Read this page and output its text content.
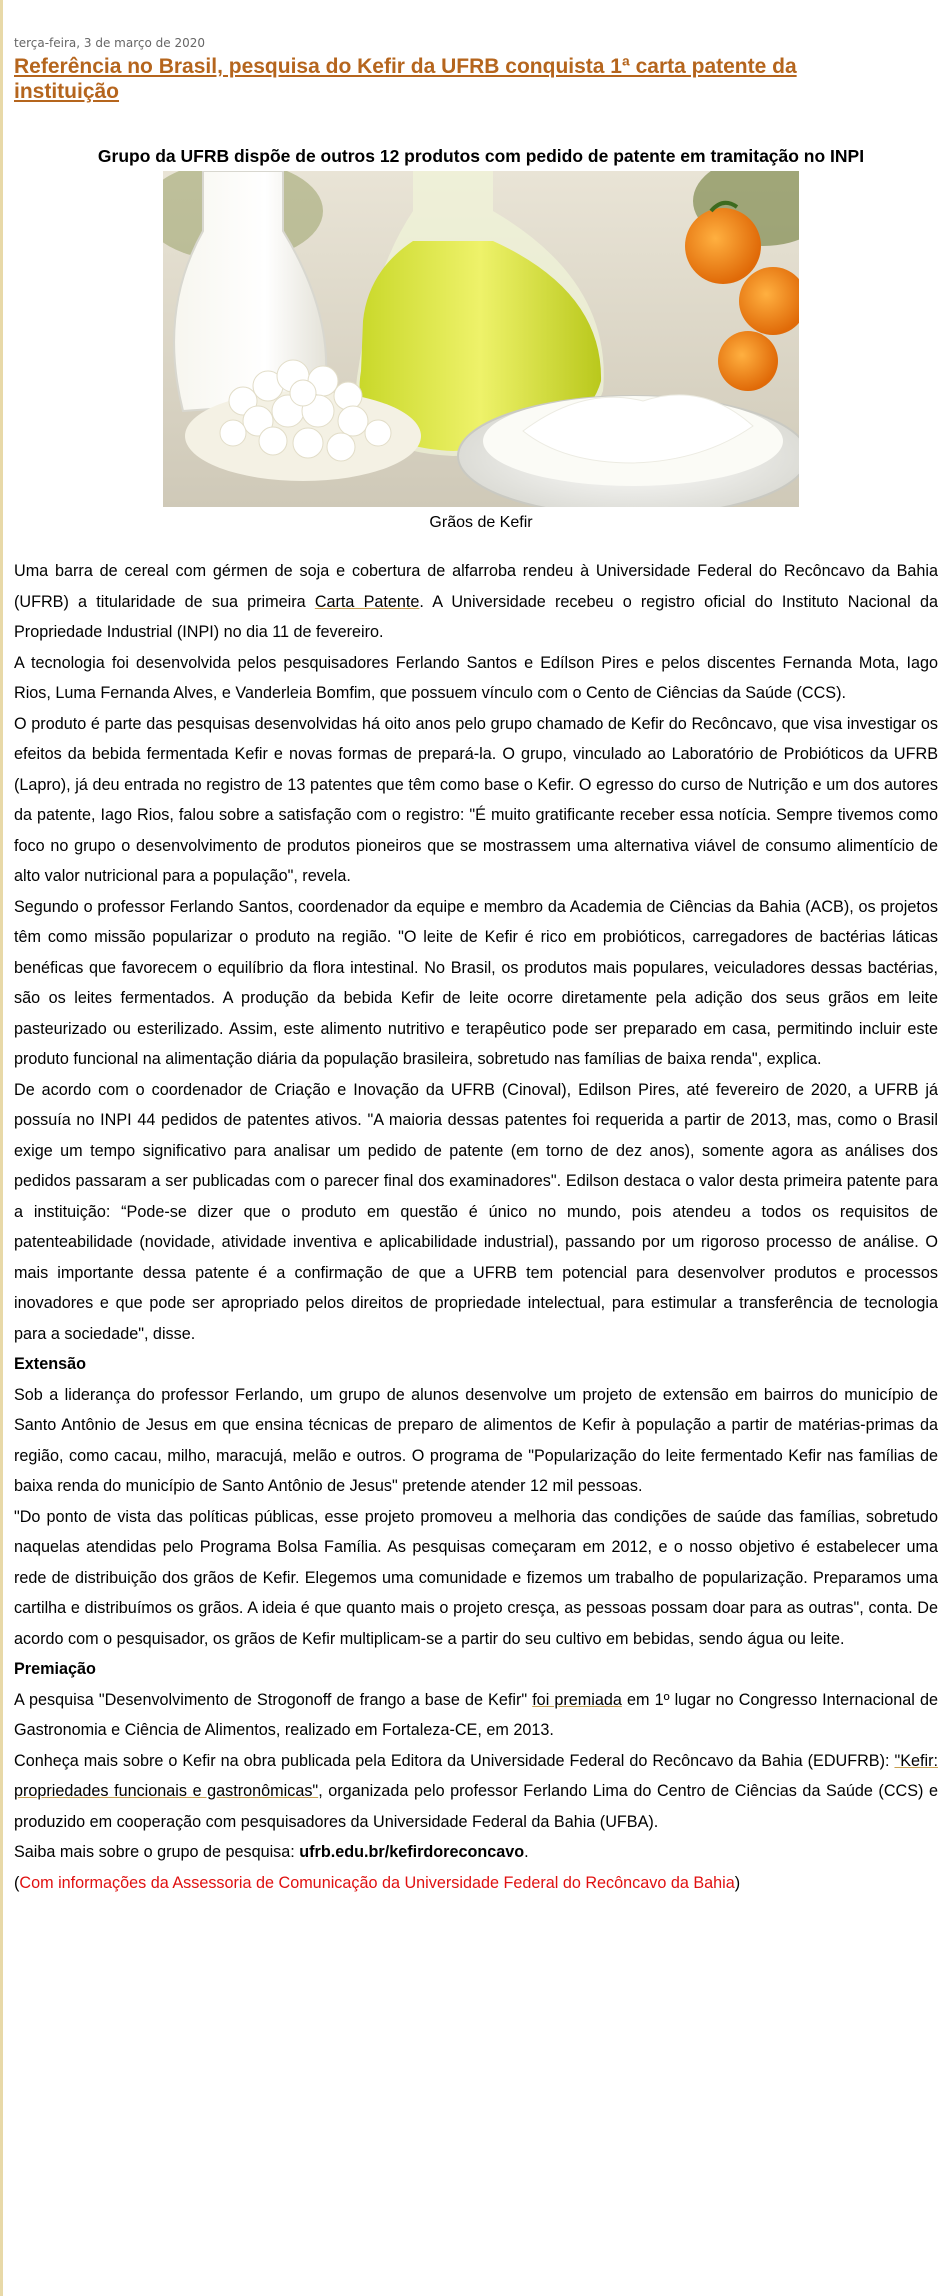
terça-feira, 3 de março de 2020
Referência no Brasil, pesquisa do Kefir da UFRB conquista 1ª carta patente da
instituição
Grupo da UFRB dispõe de outros 12 produtos com pedido de patente em tramitação no INPI
Grãos de Kefir

Uma barra de cereal com gérmen de soja e cobertura de alfarroba rendeu à Universidade Federal do Recôncavo da Bahia (UFRB) a titularidade de sua primeira Carta Patente. A Universidade recebeu o registro oficial do Instituto Nacional da Propriedade Industrial (INPI) no dia 11 de fevereiro.

A tecnologia foi desenvolvida pelos pesquisadores Ferlando Santos e Edílson Pires e pelos discentes Fernanda Mota, Iago Rios, Luma Fernanda Alves, e Vanderleia Bomfim, que possuem vínculo com o Cento de Ciências da Saúde (CCS).

O produto é parte das pesquisas desenvolvidas há oito anos pelo grupo chamado de Kefir do Recôncavo, que visa investigar os efeitos da bebida fermentada Kefir e novas formas de prepará-la. O grupo, vinculado ao Laboratório de Probióticos da UFRB (Lapro), já deu entrada no registro de 13 patentes que têm como base o Kefir. O egresso do curso de Nutrição e um dos autores da patente, Iago Rios, falou sobre a satisfação com o registro: "É muito gratificante receber essa notícia. Sempre tivemos como foco no grupo o desenvolvimento de produtos pioneiros que se mostrassem uma alternativa viável de consumo alimentício de alto valor nutricional para a população", revela.

Segundo o professor Ferlando Santos, coordenador da equipe e membro da Academia de Ciências da Bahia (ACB), os projetos têm como missão popularizar o produto na região. "O leite de Kefir é rico em probióticos, carregadores de bactérias láticas benéficas que favorecem o equilíbrio da flora intestinal. No Brasil, os produtos mais populares, veiculadores dessas bactérias, são os leites fermentados. A produção da bebida Kefir de leite ocorre diretamente pela adição dos seus grãos em leite pasteurizado ou esterilizado. Assim, este alimento nutritivo e terapêutico pode ser preparado em casa, permitindo incluir este produto funcional na alimentação diária da população brasileira, sobretudo nas famílias de baixa renda", explica.

De acordo com o coordenador de Criação e Inovação da UFRB (Cinoval), Edilson Pires, até fevereiro de 2020, a UFRB já possuía no INPI 44 pedidos de patentes ativos. "A maioria dessas patentes foi requerida a partir de 2013, mas, como o Brasil exige um tempo significativo para analisar um pedido de patente (em torno de dez anos), somente agora as análises dos pedidos passaram a ser publicadas com o parecer final dos examinadores". Edilson destaca o valor desta primeira patente para a instituição: “Pode-se dizer que o produto em questão é único no mundo, pois atendeu a todos os requisitos de patenteabilidade (novidade, atividade inventiva e aplicabilidade industrial), passando por um rigoroso processo de análise. O mais importante dessa patente é a confirmação de que a UFRB tem potencial para desenvolver produtos e processos inovadores e que pode ser apropriado pelos direitos de propriedade intelectual, para estimular a transferência de tecnologia para a sociedade", disse.

Extensão

Sob a liderança do professor Ferlando, um grupo de alunos desenvolve um projeto de extensão em bairros do município de Santo Antônio de Jesus em que ensina técnicas de preparo de alimentos de Kefir à população a partir de matérias-primas da região, como cacau, milho, maracujá, melão e outros. O programa de "Popularização do leite fermentado Kefir nas famílias de baixa renda do município de Santo Antônio de Jesus" pretende atender 12 mil pessoas.

"Do ponto de vista das políticas públicas, esse projeto promoveu a melhoria das condições de saúde das famílias, sobretudo naquelas atendidas pelo Programa Bolsa Família. As pesquisas começaram em 2012, e o nosso objetivo é estabelecer uma rede de distribuição dos grãos de Kefir. Elegemos uma comunidade e fizemos um trabalho de popularização. Preparamos uma cartilha e distribuímos os grãos. A ideia é que quanto mais o projeto cresça, as pessoas possam doar para as outras", conta. De acordo com o pesquisador, os grãos de Kefir multiplicam-se a partir do seu cultivo em bebidas, sendo água ou leite.

Premiação

A pesquisa "Desenvolvimento de Strogonoff de frango a base de Kefir" foi premiada em 1º lugar no Congresso Internacional de Gastronomia e Ciência de Alimentos, realizado em Fortaleza-CE, em 2013.

Conheça mais sobre o Kefir na obra publicada pela Editora da Universidade Federal do Recôncavo da Bahia (EDUFRB): "Kefir: propriedades funcionais e gastronômicas", organizada pelo professor Ferlando Lima do Centro de Ciências da Saúde (CCS) e produzido em cooperação com pesquisadores da Universidade Federal da Bahia (UFBA).

Saiba mais sobre o grupo de pesquisa: ufrb.edu.br/kefirdoreconcavo.

(Com informações da Assessoria de Comunicação da Universidade Federal do Recôncavo da Bahia)
